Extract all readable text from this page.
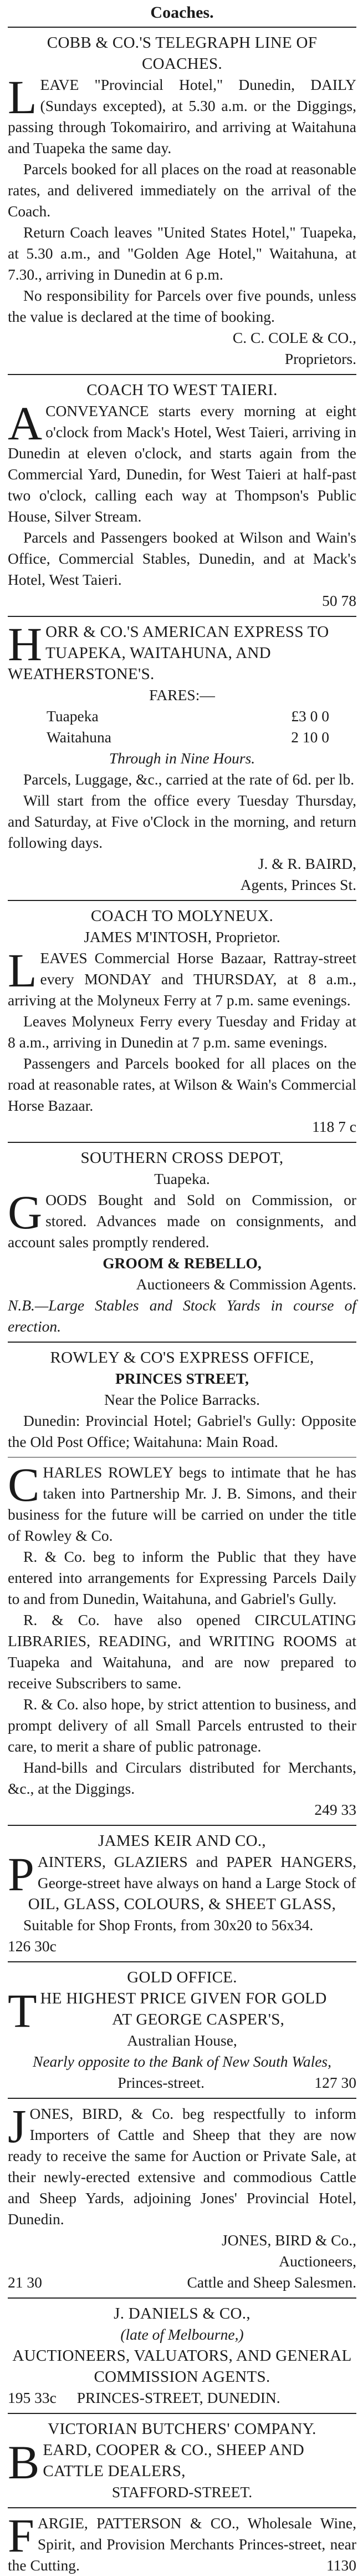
Coaches.
COBB & CO.'S TELEGRAPH LINE OF COACHES.
L EAVE "Provincial Hotel," Dunedin, DAILY (Sundays excepted), at 5.30 a.m. or the Diggings, passing through Tokomairiro, and arriving at Waitahuna and Tuapeka the same day.
Parcels booked for all places on the road at reasonable rates, and delivered immediately on the arrival of the Coach.
Return Coach leaves "United States Hotel," Tuapeka, at 5.30 a.m., and "Golden Age Hotel," Waitahuna, at 7.30., arriving in Dunedin at 6 p.m.
No responsibility for Parcels over five pounds, unless the value is declared at the time of booking.
C. C. COLE & CO.,
Proprietors.
COACH TO WEST TAIERI.
A CONVEYANCE starts every morning at eight o'clock from Mack's Hotel, West Taieri, arriving in Dunedin at eleven o'clock, and starts again from the Commercial Yard, Dunedin, for West Taieri at half-past two o'clock, calling each way at Thompson's Public House, Silver Stream.
Parcels and Passengers booked at Wilson and Wain's Office, Commercial Stables, Dunedin, and at Mack's Hotel, West Taieri.
50 78
H ORR & CO.'S AMERICAN EXPRESS TO TUAPEKA, WAITAHUNA, AND WEATHERSTONE'S.
FARES:—
Tuapeka	£3 0 0
Waitahuna	2 10 0
Through in Nine Hours.
Parcels, Luggage, &c., carried at the rate of 6d. per lb.
Will start from the office every Tuesday Thursday, and Saturday, at Five o'Clock in the morning, and return following days.
J. & R. BAIRD,
Agents, Princes St.
COACH TO MOLYNEUX.
JAMES M'INTOSH, Proprietor.
L EAVES Commercial Horse Bazaar, Rattray-street every MONDAY and THURSDAY, at 8 a.m., arriving at the Molyneux Ferry at 7 p.m. same evenings.
Leaves Molyneux Ferry every Tuesday and Friday at 8 a.m., arriving in Dunedin at 7 p.m. same evenings.
Passengers and Parcels booked for all places on the road at reasonable rates, at Wilson & Wain's Commercial Horse Bazaar.
118 7 c
SOUTHERN CROSS DEPOT,
Tuapeka.
G OODS Bought and Sold on Commission, or stored. Advances made on consignments, and account sales promptly rendered.
GROOM & REBELLO,
Auctioneers & Commission Agents.
N.B.—Large Stables and Stock Yards in course of erection.
ROWLEY & CO'S EXPRESS OFFICE,
PRINCES STREET,
Near the Police Barracks.
Dunedin: Provincial Hotel; Gabriel's Gully: Opposite the Old Post Office; Waitahuna: Main Road.
C HARLES ROWLEY begs to intimate that he has taken into Partnership Mr. J. B. Simons, and their business for the future will be carried on under the title of Rowley & Co.
R. & Co. beg to inform the Public that they have entered into arrangements for Expressing Parcels Daily to and from Dunedin, Waitahuna, and Gabriel's Gully.
R. & Co. have also opened CIRCULATING LIBRARIES, READING, and WRITING ROOMS at Tuapeka and Waitahuna, and are now prepared to receive Subscribers to same.
R. & Co. also hope, by strict attention to business, and prompt delivery of all Small Parcels entrusted to their care, to merit a share of public patronage.
Hand-bills and Circulars distributed for Merchants, &c., at the Diggings.
249 33
JAMES KEIR AND CO.,
P AINTERS, GLAZIERS and PAPER HANGERS, George-street have always on hand a Large Stock of
OIL, GLASS, COLOURS, & SHEET GLASS,
Suitable for Shop Fronts, from 30x20 to 56x34.
126 30c
GOLD OFFICE.
T HE HIGHEST PRICE GIVEN FOR GOLD
AT GEORGE CASPER'S,
Australian House,
Nearly opposite to the Bank of New South Wales,
Princes-street.	127 30
J ONES, BIRD, & Co. beg respectfully to inform Importers of Cattle and Sheep that they are now ready to receive the same for Auction or Private Sale, at their newly-erected extensive and commodious Cattle and Sheep Yards, adjoining Jones' Provincial Hotel, Dunedin.
JONES, BIRD & Co.,
Auctioneers,
21 30	Cattle and Sheep Salesmen.
J. DANIELS & CO.,
(late of Melbourne,)
AUCTIONEERS, VALUATORS, AND GENERAL COMMISSION AGENTS.
195 33c PRINCES-STREET, DUNEDIN.
VICTORIAN BUTCHERS' COMPANY.
B EARD, COOPER & CO., SHEEP AND CATTLE DEALERS,
STAFFORD-STREET.
F ARGIE, PATTERSON & CO., Wholesale Wine, Spirit, and Provision Merchants Princes-street, near the Cutting.	1130
